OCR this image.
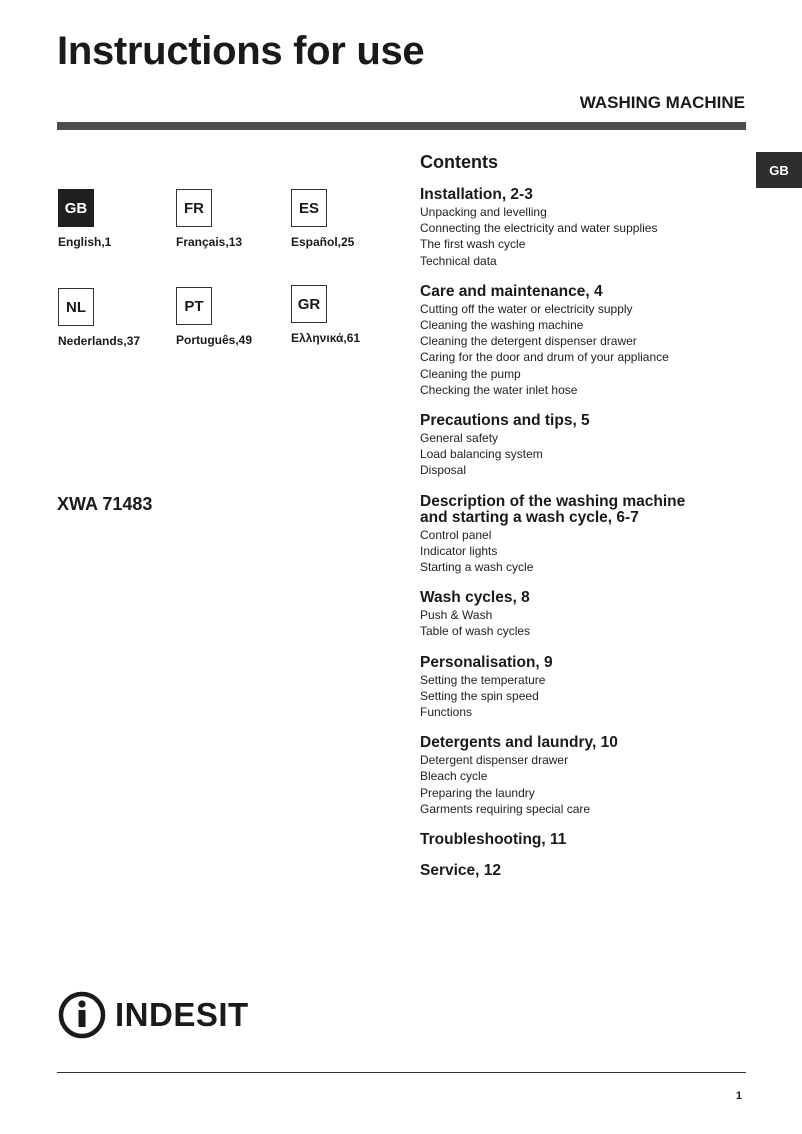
Instructions for use
WASHING MACHINE
GB
GB
English,1
FR
Français,13
ES
Español,25
NL
Nederlands,37
PT
Português,49
GR
Ελληνικά,61
XWA 71483
Contents
Installation, 2-3
Unpacking and levelling
Connecting the electricity and water supplies
The first wash cycle
Technical data
Care and maintenance, 4
Cutting off the water or electricity supply
Cleaning the washing machine
Cleaning the detergent dispenser drawer
Caring for the door and drum of your appliance
Cleaning the pump
Checking the water inlet hose
Precautions and tips, 5
General safety
Load balancing system
Disposal
Description of the washing machine
and starting a wash cycle, 6-7
Control panel
Indicator lights
Starting a wash cycle
Wash cycles, 8
Push & Wash
Table of wash cycles
Personalisation, 9
Setting the temperature
Setting the spin speed
Functions
Detergents and laundry, 10
Detergent dispenser drawer
Bleach cycle
Preparing the laundry
Garments requiring special care
Troubleshooting, 11
Service, 12
INDESIT
1
